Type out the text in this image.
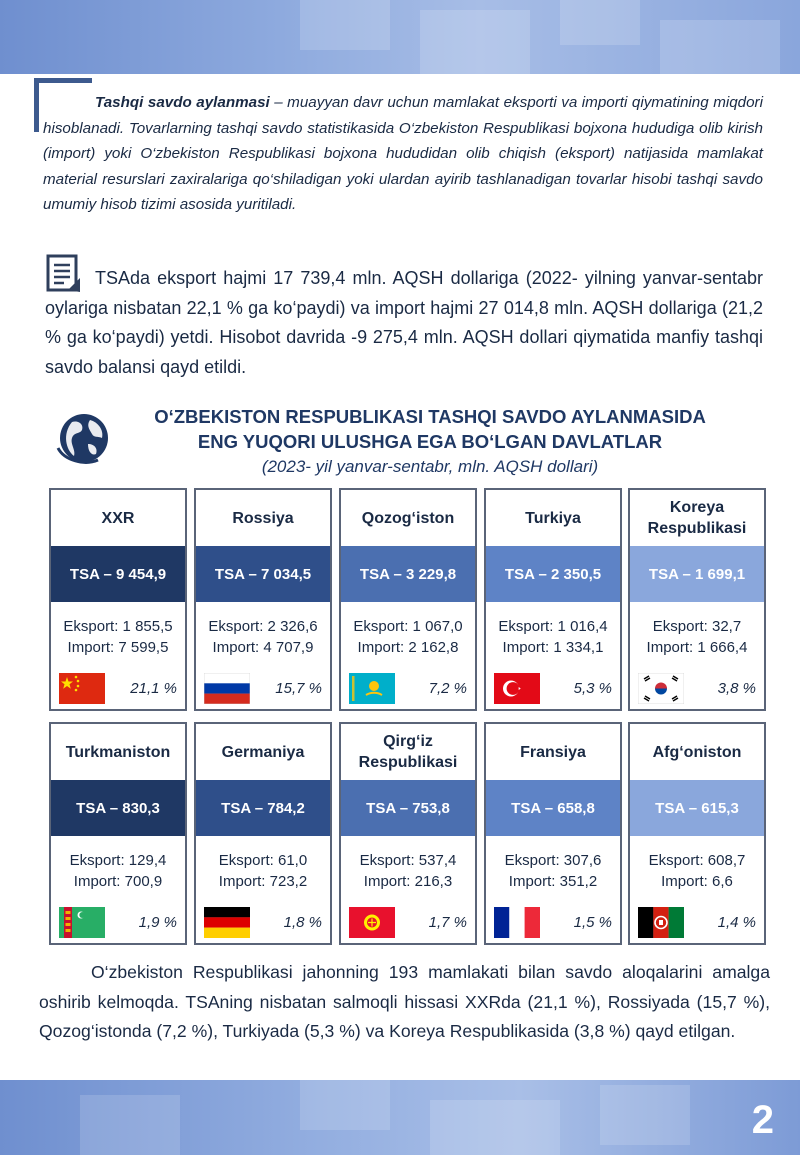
Tashqi savdo aylanmasi – muayyan davr uchun mamlakat eksporti va importi qiymatining miqdori hisoblanadi. Tovarlarning tashqi savdo statistikasida O‘zbekiston Respublikasi bojxona hududiga olib kirish (import) yoki O‘zbekiston Respublikasi bojxona hududidan olib chiqish (eksport) natijasida mamlakat material resurslari zaxiralariga qo‘shiladigan yoki ulardan ayirib tashlanadigan tovarlar hisobi tashqi savdo umumiy hisob tizimi asosida yuritiladi.

TSAda eksport hajmi 17 739,4 mln. AQSH dollariga (2022- yilning yanvar-sentabr oylariga nisbatan 22,1 % ga ko‘paydi) va import hajmi 27 014,8 mln. AQSH dollariga (21,2 % ga ko‘paydi) yetdi. Hisobot davrida -9 275,4 mln. AQSH dollari qiymatida manfiy tashqi savdo balansi qayd etildi.

O‘ZBEKISTON RESPUBLIKASI TASHQI SAVDO AYLANMASIDA
ENG YUQORI ULUSHGA EGA BO‘LGAN DAVLATLAR
(2023- yil yanvar-sentabr, mln. AQSH dollari)
XXR
TSA – 9 454,9
Eksport: 1 855,5
Import: 7 599,5
21,1 %
Rossiya
TSA – 7 034,5
Eksport: 2 326,6
Import: 4 707,9
15,7 %
Qozog‘iston
TSA – 3 229,8
Eksport: 1 067,0
Import: 2 162,8
7,2 %
Turkiya
TSA – 2 350,5
Eksport: 1 016,4
Import: 1 334,1
5,3 %
Koreya Respublikasi
TSA – 1 699,1
Eksport: 32,7
Import: 1 666,4
3,8 %
Turkmaniston
TSA – 830,3
Eksport: 129,4
Import: 700,9
1,9 %
Germaniya
TSA – 784,2
Eksport: 61,0
Import: 723,2
1,8 %
Qirg‘iz Respublikasi
TSA – 753,8
Eksport: 537,4
Import: 216,3
1,7 %
Fransiya
TSA – 658,8
Eksport: 307,6
Import: 351,2
1,5 %
Afg‘oniston
TSA – 615,3
Eksport: 608,7
Import: 6,6
1,4 %

O‘zbekiston Respublikasi jahonning 193 mamlakati bilan savdo aloqalarini amalga oshirib kelmoqda. TSAning nisbatan salmoqli hissasi XXRda (21,1 %), Rossiyada (15,7 %), Qozog‘istonda (7,2 %), Turkiyada (5,3 %) va Koreya Respublikasida (3,8 %) qayd etilgan.

2
